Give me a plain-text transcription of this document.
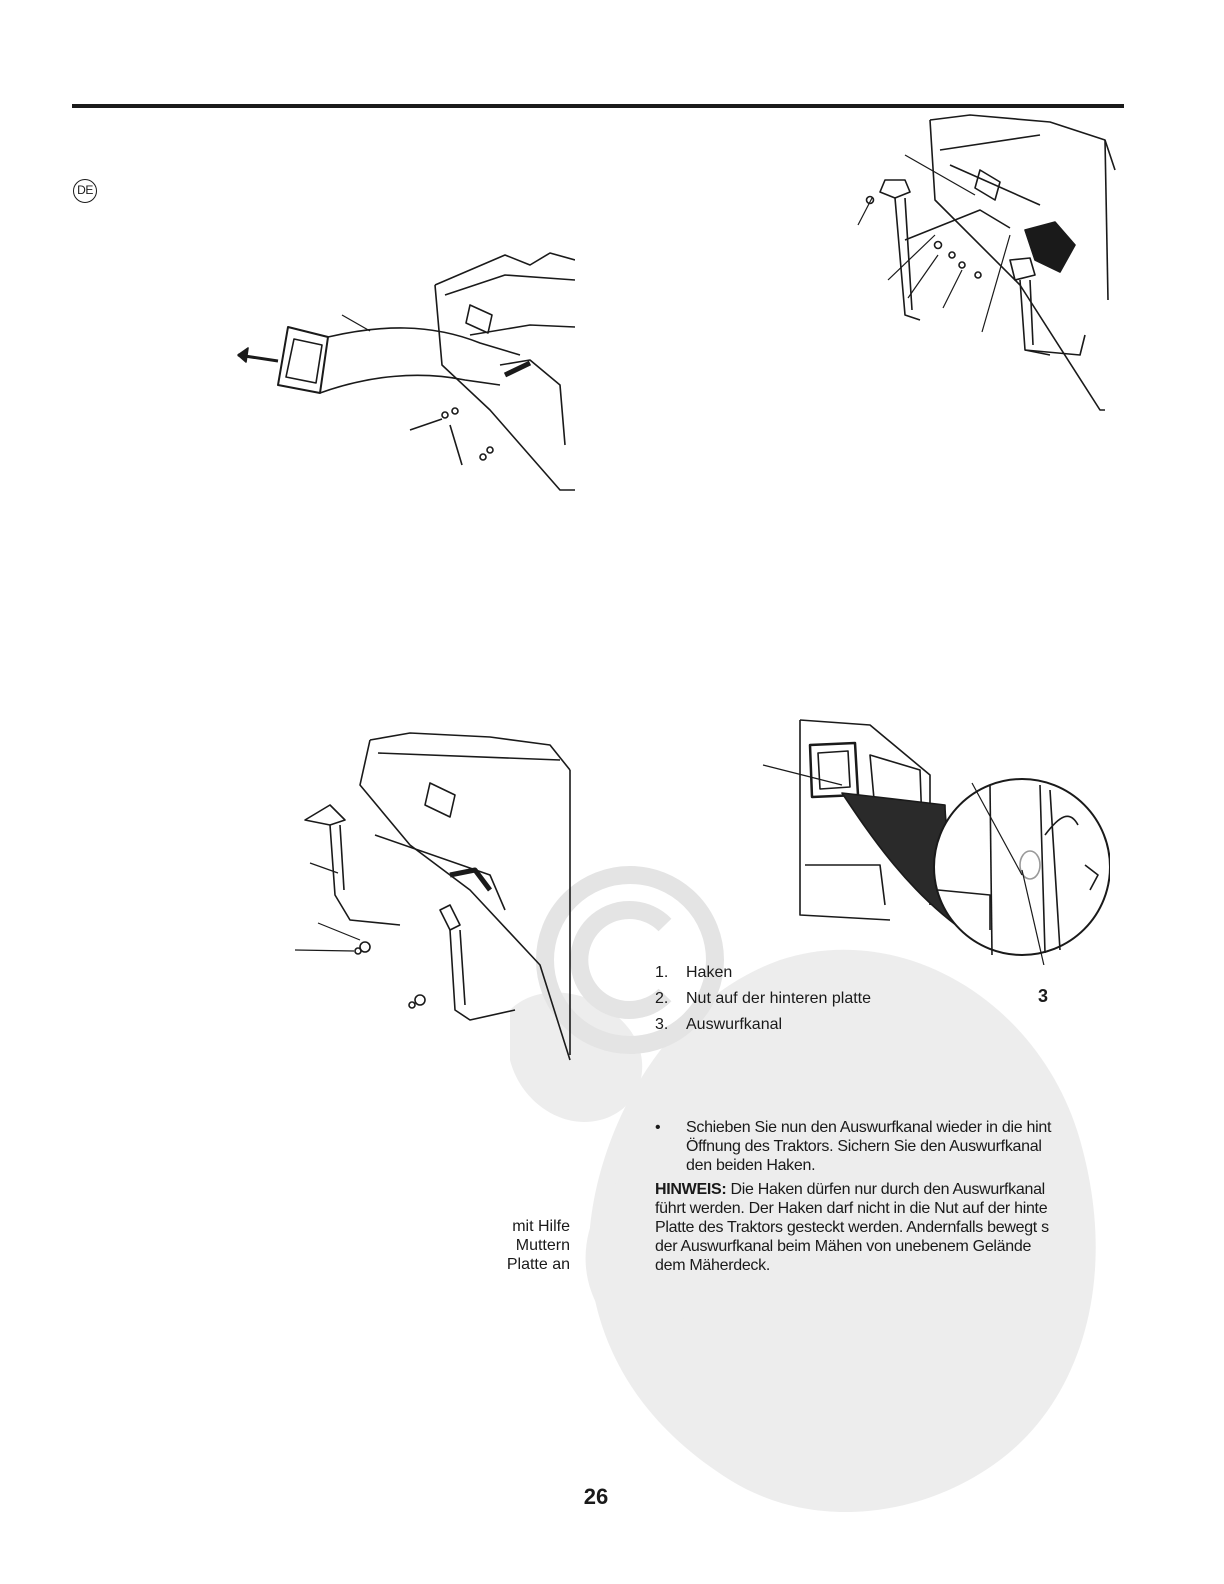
DE
1.	Haken
2.	Nut auf der hinteren platte
3.	Auswurfkanal
3
• Schieben Sie nun den Auswurfkanal wieder in die hint
Öffnung des Traktors. Sichern Sie den Auswurfkanal
den beiden Haken.
HINWEIS: Die Haken dürfen nur durch den Auswurfkanal
führt werden. Der Haken darf nicht in die Nut auf der hinte
Platte des Traktors gesteckt werden. Andernfalls bewegt s
der Auswurfkanal beim Mähen von unebenem Gelände
dem Mäherdeck.
mit Hilfe
Muttern
Platte an
26
